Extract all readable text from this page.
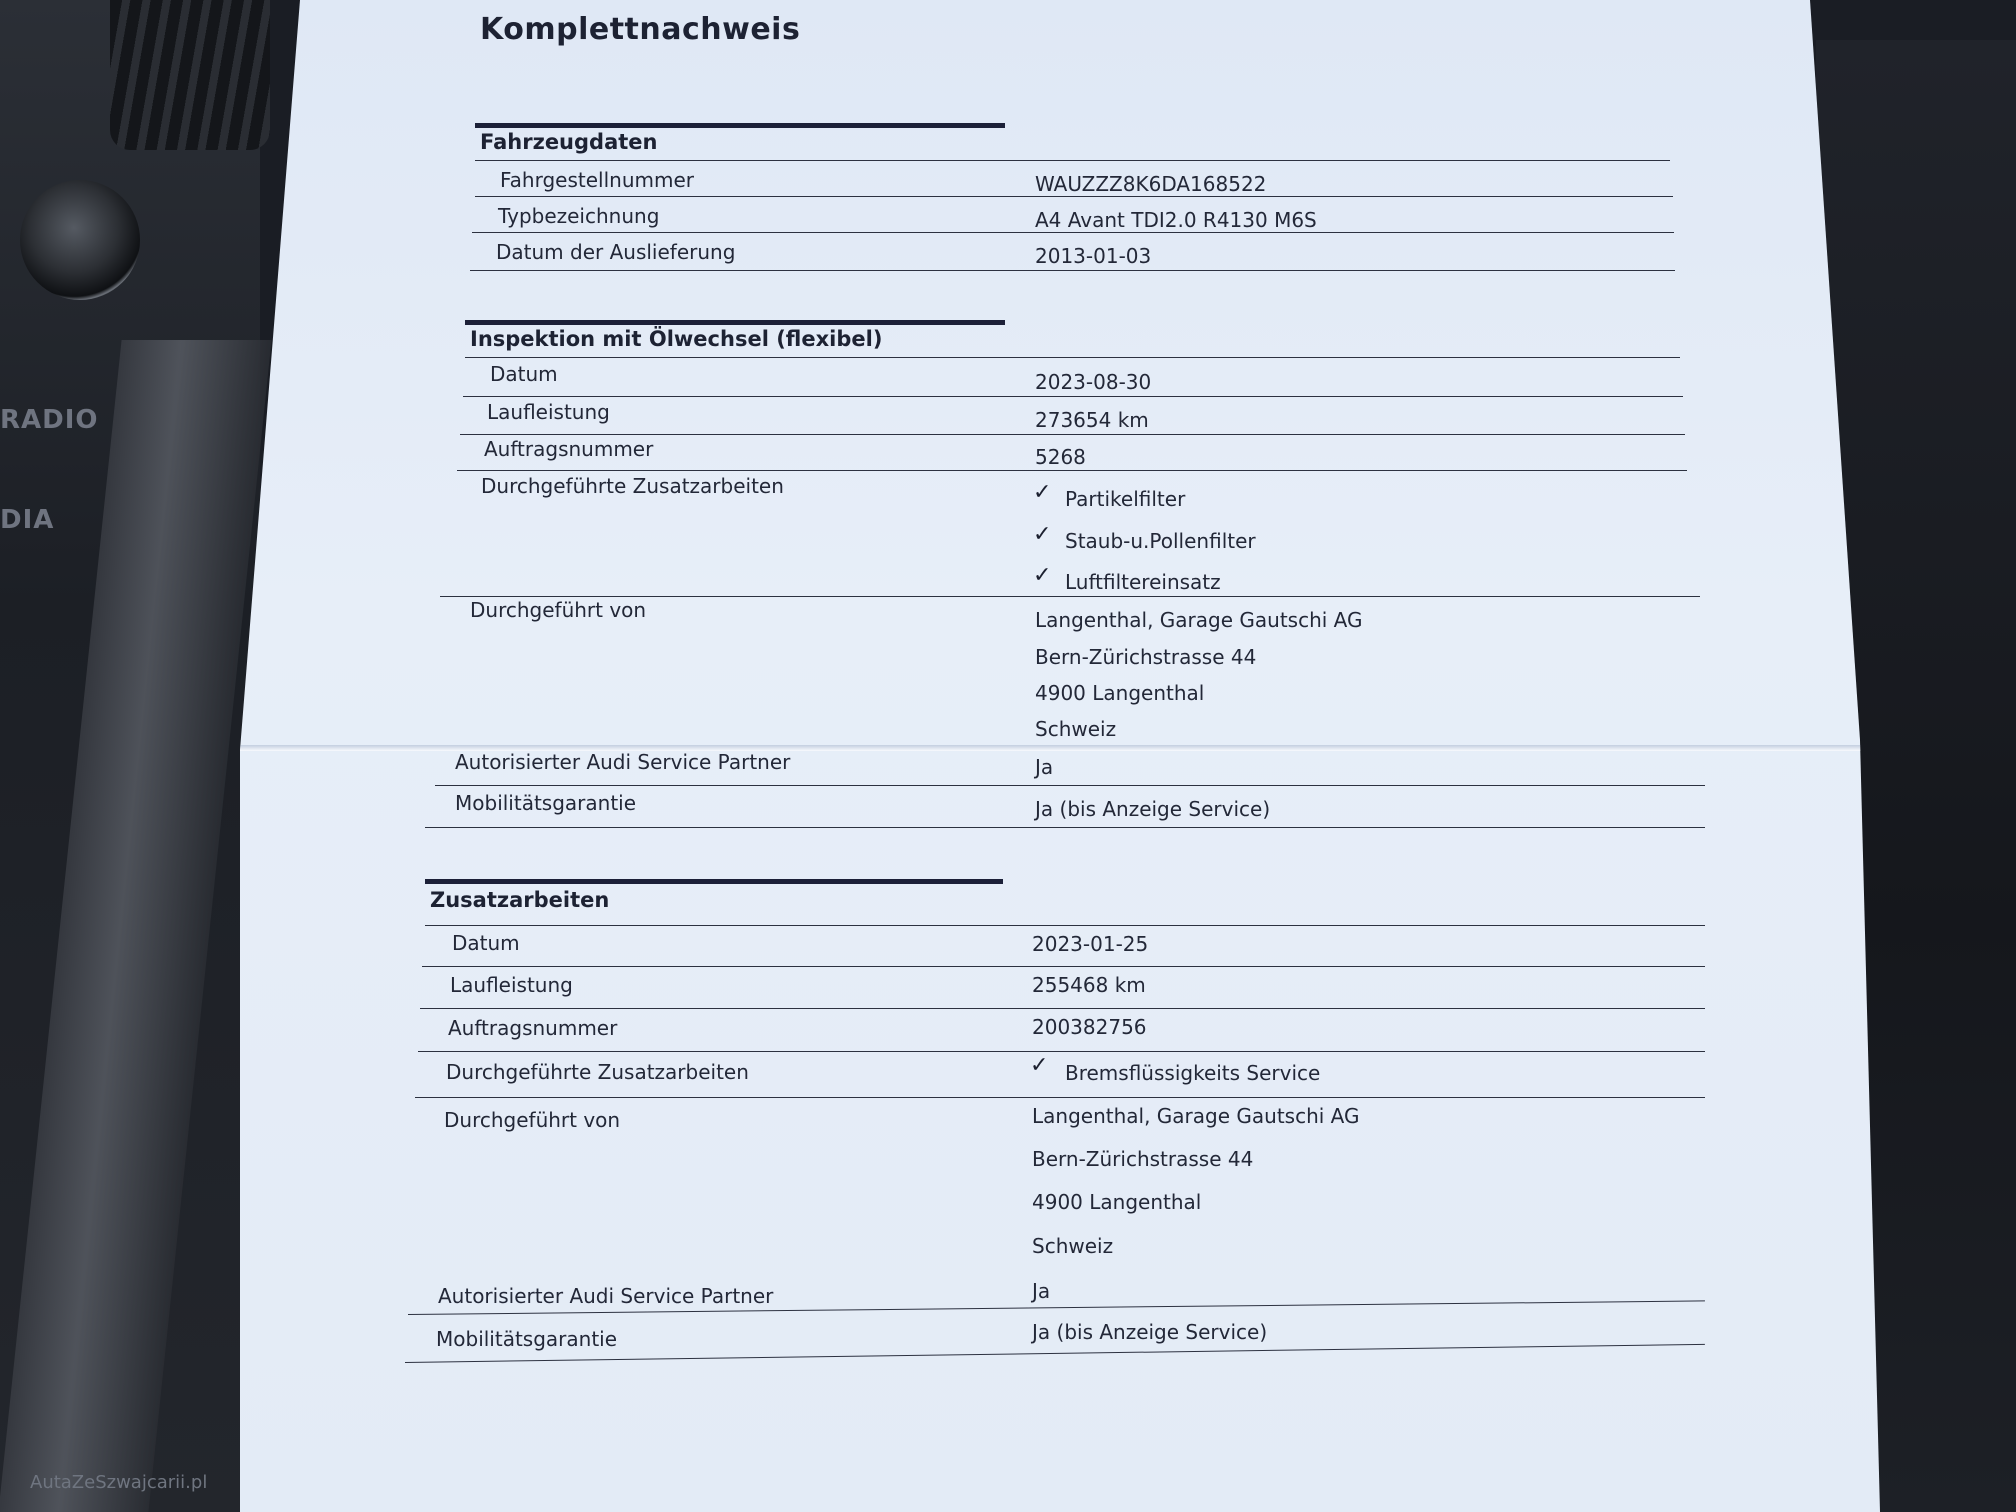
RADIO
DIA
Komplettnachweis
Fahrzeugdaten
Fahrgestellnummer	WAUZZZ8K6DA168522
Typbezeichnung	A4 Avant TDI2.0 R4130 M6S
Datum der Auslieferung	2013-01-03
Inspektion mit Ölwechsel (flexibel)
Datum	2023-08-30
Laufleistung	273654 km
Auftragsnummer	5268
Durchgeführte Zusatzarbeiten	✓ Partikelfilter
✓ Staub-u.Pollenfilter
✓ Luftfiltereinsatz
Durchgeführt von	Langenthal, Garage Gautschi AG
Bern-Zürichstrasse 44
4900 Langenthal
Schweiz
Autorisierter Audi Service Partner	Ja
Mobilitätsgarantie	Ja (bis Anzeige Service)
Zusatzarbeiten
Datum	2023-01-25
Laufleistung	255468 km
Auftragsnummer	200382756
Durchgeführte Zusatzarbeiten	✓ Bremsflüssigkeits Service
Durchgeführt von	Langenthal, Garage Gautschi AG
Bern-Zürichstrasse 44
4900 Langenthal
Schweiz
Autorisierter Audi Service Partner	Ja
Mobilitätsgarantie	Ja (bis Anzeige Service)
AutaZeSzwajcarii.pl
